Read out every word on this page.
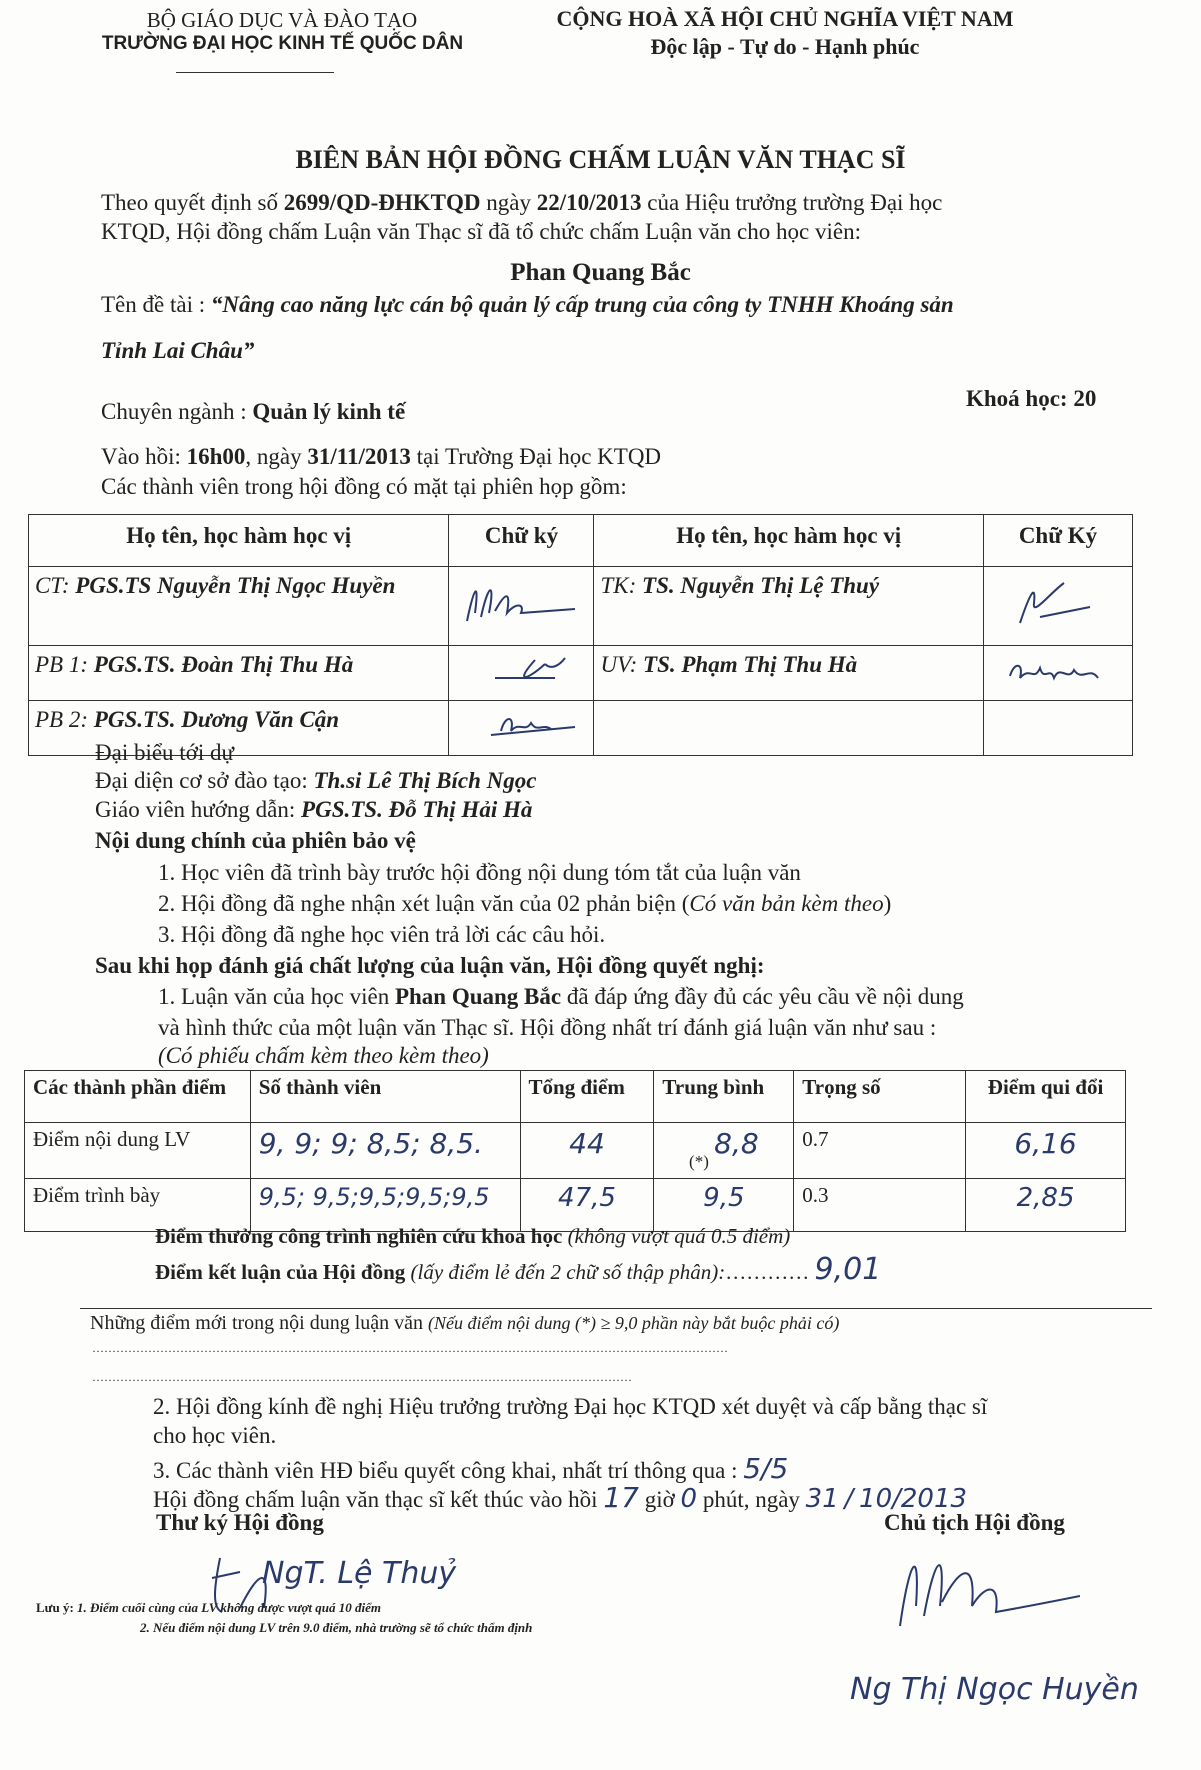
BỘ GIÁO DỤC VÀ ĐÀO TẠO
TRƯỜNG ĐẠI HỌC KINH TẾ QUỐC DÂN
CỘNG HOÀ XÃ HỘI CHỦ NGHĨA VIỆT NAM
Độc lập - Tự do - Hạnh phúc
BIÊN BẢN HỘI ĐỒNG CHẤM LUẬN VĂN THẠC SĨ
Theo quyết định số 2699/QD-ĐHKTQD ngày 22/10/2013 của Hiệu trưởng trường Đại học
KTQD, Hội đồng chấm Luận văn Thạc sĩ đã tổ chức chấm Luận văn cho học viên:
Phan Quang Bắc
Tên đề tài : “Nâng cao năng lực cán bộ quản lý cấp trung của công ty TNHH Khoáng sản
Tỉnh Lai Châu”
Chuyên ngành : Quản lý kinh tế
Khoá học: 20
Vào hồi: 16h00, ngày 31/11/2013 tại Trường Đại học KTQD
Các thành viên trong hội đồng có mặt tại phiên họp gồm:
Họ tên, học hàm học vị	Chữ ký	Họ tên, học hàm học vị	Chữ Ký
CT: PGS.TS Nguyễn Thị Ngọc Huyền		TK: TS. Nguyễn Thị Lệ Thuý	
PB 1: PGS.TS. Đoàn Thị Thu Hà		UV: TS. Phạm Thị Thu Hà	
PB 2: PGS.TS. Dương Văn Cận			
Đại biểu tới dự
Đại diện cơ sở đào tạo: Th.si Lê Thị Bích Ngọc
Giáo viên hướng dẫn: PGS.TS. Đỗ Thị Hải Hà
Nội dung chính của phiên bảo vệ
1. Học viên đã trình bày trước hội đồng nội dung tóm tắt của luận văn
2. Hội đồng đã nghe nhận xét luận văn của 02 phản biện (Có văn bản kèm theo)
3. Hội đồng đã nghe học viên trả lời các câu hỏi.
Sau khi họp đánh giá chất lượng của luận văn, Hội đồng quyết nghị:
1. Luận văn của học viên Phan Quang Bắc đã đáp ứng đầy đủ các yêu cầu về nội dung
và hình thức của một luận văn Thạc sĩ. Hội đồng nhất trí đánh giá luận văn như sau :
(Có phiếu chấm kèm theo kèm theo)
Các thành phần điểm	Số thành viên	Tổng điểm	Trung bình	Trọng số	Điểm qui đổi
Điểm nội dung LV	9, 9; 9; 8,5; 8,5.	44	$_{(*)}$ 8,8	0.7	6,16
Điểm trình bày	9,5; 9,5;9,5;9,5;9,5	47,5	9,5	0.3	2,85
Điểm thưởng công trình nghiên cứu khoa học (không vượt quá 0.5 điểm)
Điểm kết luận của Hội đồng (lấy điểm lẻ đến 2 chữ số thập phân):………… 9,01
Những điểm mới trong nội dung luận văn (Nếu điểm nội dung (*) ≥ 9,0 phần này bắt buộc phải có)
……………………………………………………………………………………………………………………………………………
………………………………………………………………………………………………………………………
2. Hội đồng kính đề nghị Hiệu trưởng trường Đại học KTQD xét duyệt và cấp bằng thạc sĩ
cho học viên.
3. Các thành viên HĐ biểu quyết công khai, nhất trí thông qua : 5/5
Hội đồng chấm luận văn thạc sĩ kết thúc vào hồi 17 giờ 0 phút, ngày 31 / 10/2013
Thư ký Hội đồng	Chủ tịch Hội đồng
NgT. Lệ Thuỷ
Ng Thị Ngọc Huyền
Lưu ý: 1. Điểm cuối cùng của LV không được vượt quá 10 điểm
2. Nếu điểm nội dung LV trên 9.0 điểm, nhà trường sẽ tổ chức thẩm định
